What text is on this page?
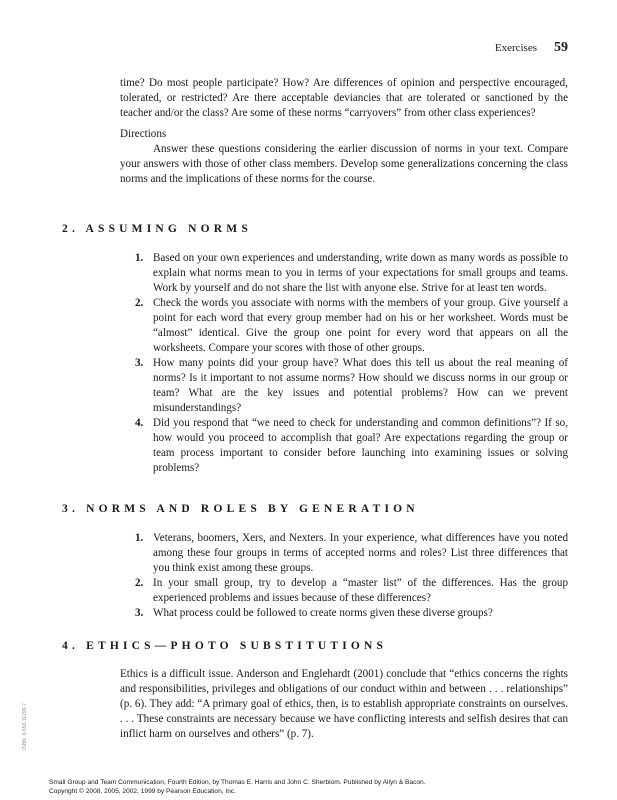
Exercises 59

time? Do most people participate? How? Are differences of opinion and perspective encouraged, tolerated, or restricted? Are there acceptable deviancies that are tolerated or sanctioned by the teacher and/or the class? Are some of these norms “carryovers” from other class experiences?

Directions

Answer these questions considering the earlier discussion of norms in your text. Compare your answers with those of other class members. Develop some generalizations concerning the class norms and the implications of these norms for the course.

2. ASSUMING NORMS
1. Based on your own experiences and understanding, write down as many words as possible to explain what norms mean to you in terms of your expectations for small groups and teams. Work by yourself and do not share the list with anyone else. Strive for at least ten words.
2. Check the words you associate with norms with the members of your group. Give yourself a point for each word that every group member had on his or her worksheet. Words must be “almost” identical. Give the group one point for every word that appears on all the worksheets. Compare your scores with those of other groups.
3. How many points did your group have? What does this tell us about the real meaning of norms? Is it important to not assume norms? How should we discuss norms in our group or team? What are the key issues and potential problems? How can we prevent misunderstandings?
4. Did you respond that “we need to check for understanding and common definitions”? If so, how would you proceed to accomplish that goal? Are expectations regarding the group or team process important to consider before launching into examining issues or solving problems?
3. NORMS AND ROLES BY GENERATION
1. Veterans, boomers, Xers, and Nexters. In your experience, what differences have you noted among these four groups in terms of accepted norms and roles? List three differences that you think exist among these groups.
2. In your small group, try to develop a “master list” of the differences. Has the group experienced problems and issues because of these differences?
3. What process could be followed to create norms given these diverse groups?
4. ETHICS—PHOTO SUBSTITUTIONS

Ethics is a difficult issue. Anderson and Englehardt (2001) conclude that “ethics concerns the rights and responsibilities, privileges and obligations of our conduct within and between . . . relationships” (p. 6). They add: “A primary goal of ethics, then, is to establish appropriate constraints on ourselves. . . . These constraints are necessary because we have conflicting interests and selfish desires that can inflict harm on ourselves and others” (p. 7).

ISBN: 0-558-11299-7
Small Group and Team Communication, Fourth Edition, by Thomas E. Harris and John C. Sherblom. Published by Allyn & Bacon.
Copyright © 2008, 2005, 2002, 1999 by Pearson Education, Inc.
